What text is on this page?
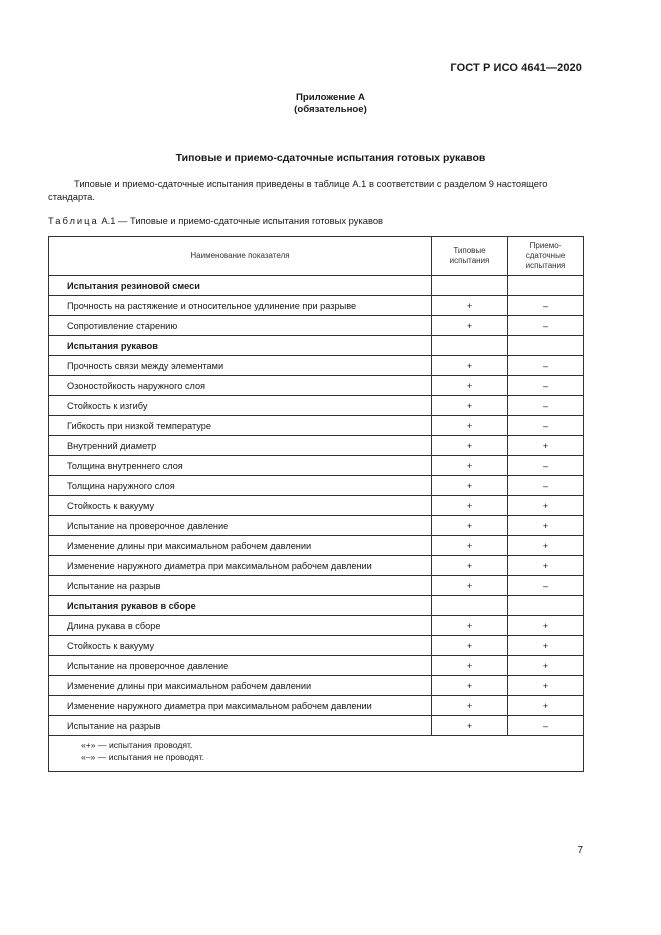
ГОСТ Р ИСО 4641—2020
Приложение А
(обязательное)
Типовые и приемо-сдаточные испытания готовых рукавов
Типовые и приемо-сдаточные испытания приведены в таблице А.1 в соответствии с разделом 9 настоящего стандарта.
Таблица А.1 — Типовые и приемо-сдаточные испытания готовых рукавов
Наименование показателя	Типовые испытания	Приемо-сдаточные испытания
Испытания резиновой смеси		
Прочность на растяжение и относительное удлинение при разрыве	+	–
Сопротивление старению	+	–
Испытания рукавов		
Прочность связи между элементами	+	–
Озоностойкость наружного слоя	+	–
Стойкость к изгибу	+	–
Гибкость при низкой температуре	+	–
Внутренний диаметр	+	+
Толщина внутреннего слоя	+	–
Толщина наружного слоя	+	–
Стойкость к вакууму	+	+
Испытание на проверочное давление	+	+
Изменение длины при максимальном рабочем давлении	+	+
Изменение наружного диаметра при максимальном рабочем давлении	+	+
Испытание на разрыв	+	–
Испытания рукавов в сборе		
Длина рукава в сборе	+	+
Стойкость к вакууму	+	+
Испытание на проверочное давление	+	+
Изменение длины при максимальном рабочем давлении	+	+
Изменение наружного диаметра при максимальном рабочем давлении	+	+
Испытание на разрыв	+	–

«+» — испытания проводят.
«–» — испытания не проводят.		
7
